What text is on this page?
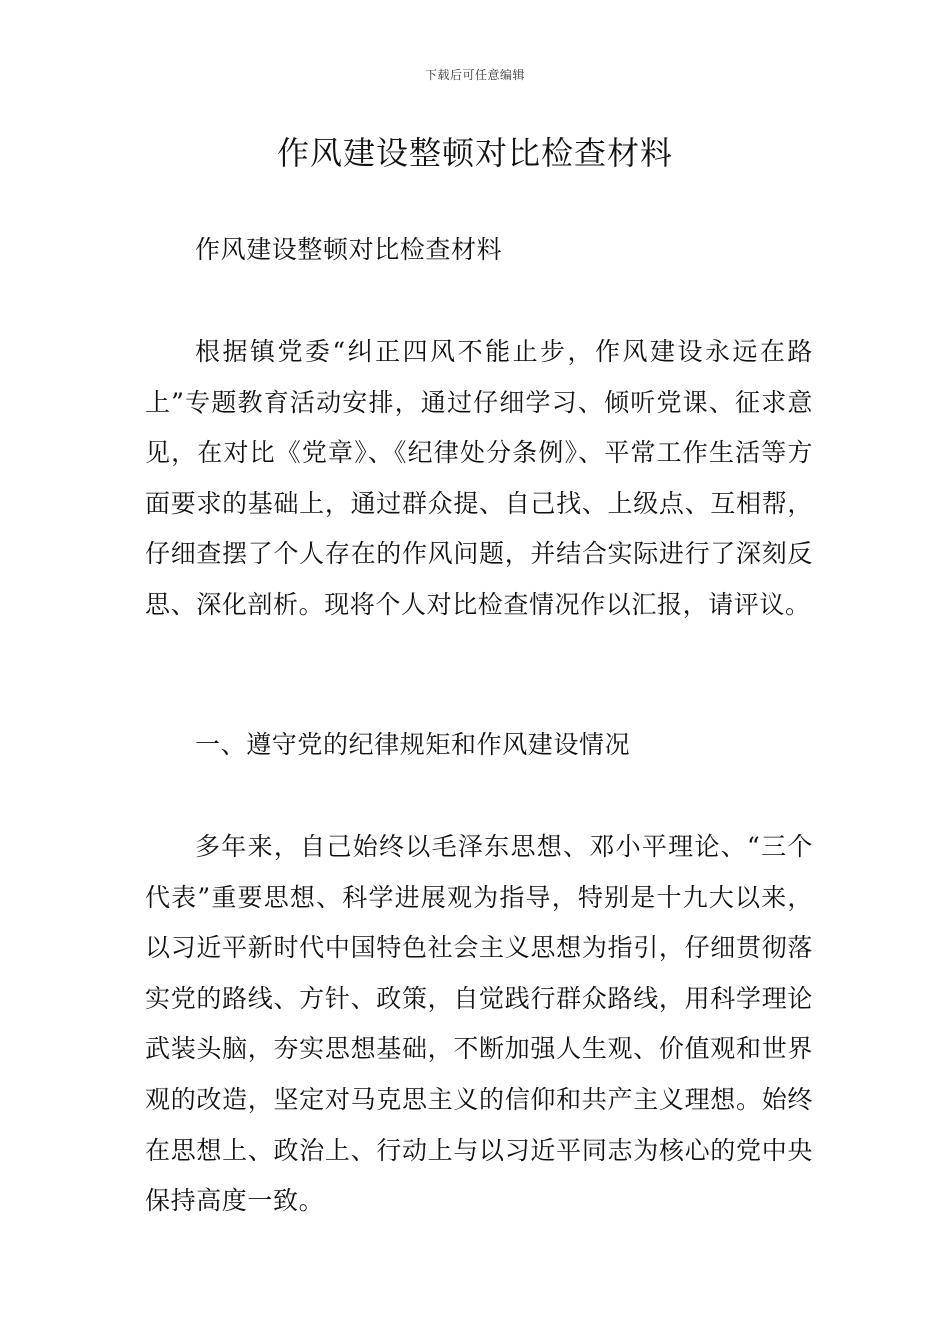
下载后可任意编辑
作风建设整顿对比检查材料

作风建设整顿对比检查材料

根据镇党委“纠正四风不能止步，作风建设永远在路上”专题教育活动安排，通过仔细学习、倾听党课、征求意见，在对比《党章》、《纪律处分条例》、平常工作生活等方面要求的基础上，通过群众提、自己找、上级点、互相帮，仔细查摆了个人存在的作风问题，并结合实际进行了深刻反思、深化剖析。现将个人对比检查情况作以汇报，请评议。

一、遵守党的纪律规矩和作风建设情况

多年来，自己始终以毛泽东思想、邓小平理论、“三个代表”重要思想、科学进展观为指导，特别是十九大以来，以习近平新时代中国特色社会主义思想为指引，仔细贯彻落实党的路线、方针、政策，自觉践行群众路线，用科学理论武装头脑，夯实思想基础，不断加强人生观、价值观和世界观的改造，坚定对马克思主义的信仰和共产主义理想。始终在思想上、政治上、行动上与以习近平同志为核心的党中央保持高度一致。
